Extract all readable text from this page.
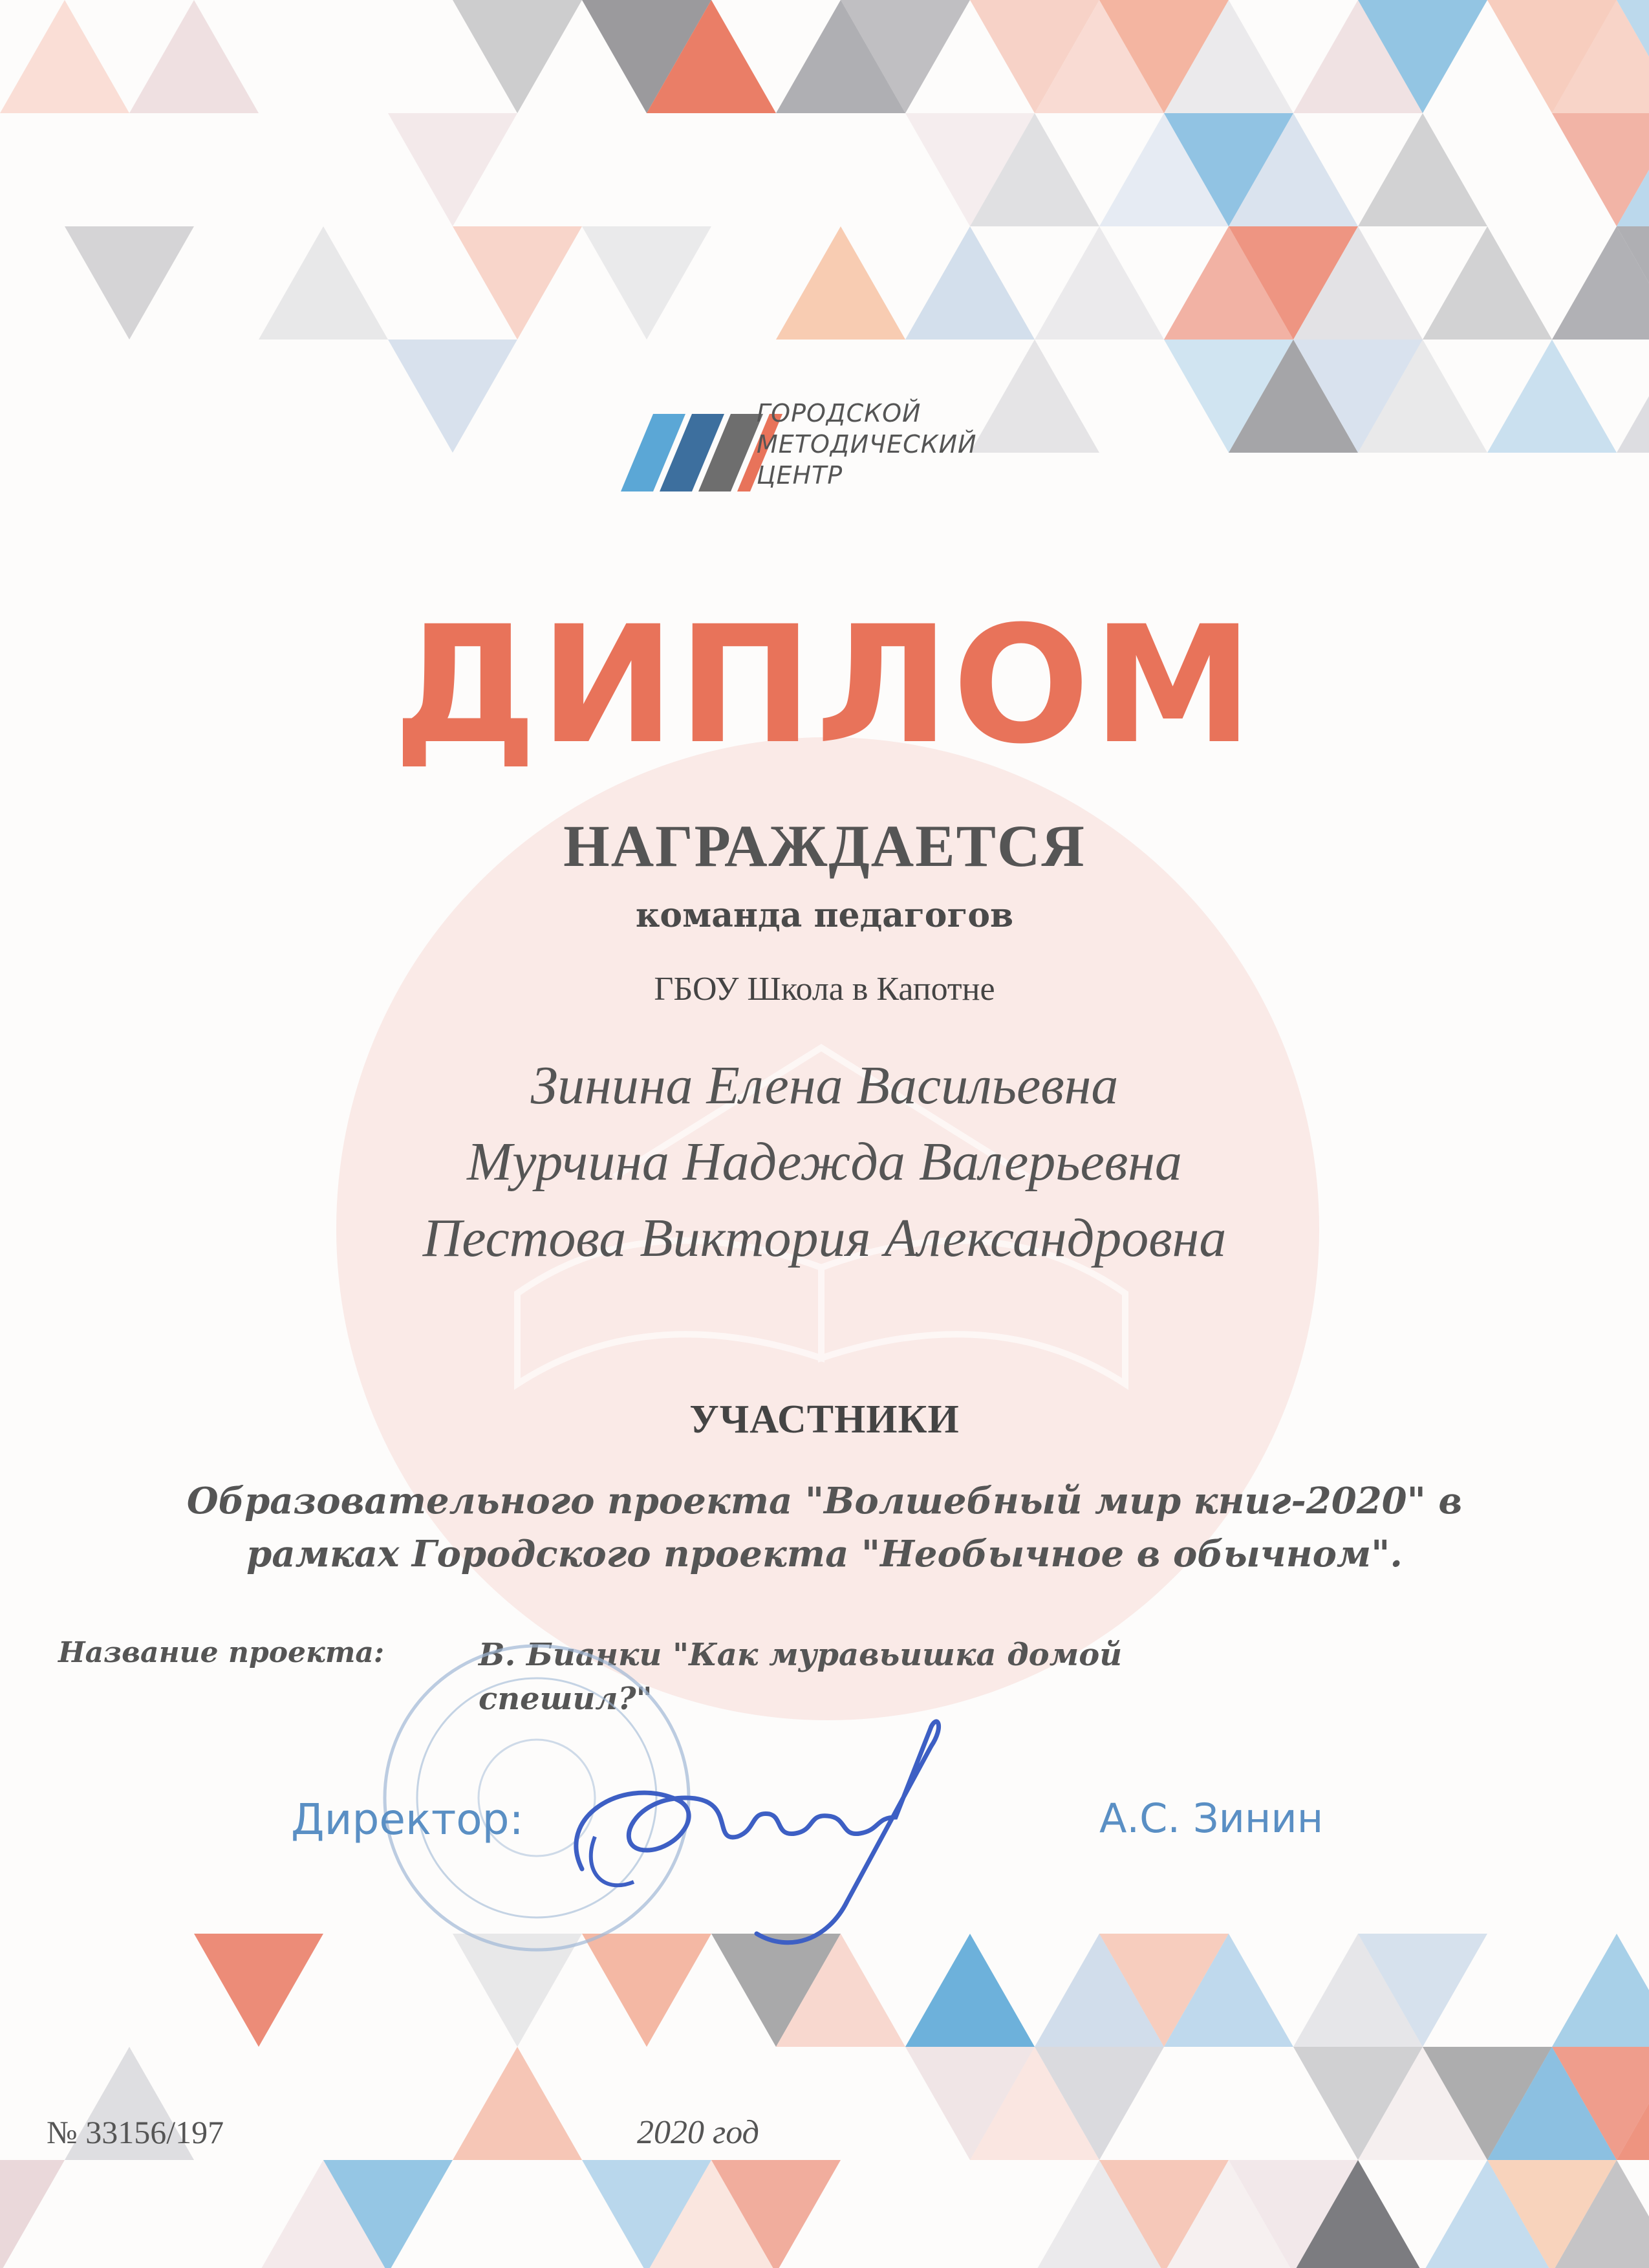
ГОРОДСКОЙ
МЕТОДИЧЕСКИЙ
ЦЕНТР
ДИПЛОМ
НАГРАЖДАЕТСЯ
команда педагогов
ГБОУ Школа в Капотне
Зинина Елена Васильевна
Мурчина Надежда Валерьевна
Пестова Виктория Александровна
УЧАСТНИКИ
Образовательного проекта "Волшебный мир книг-2020" в
рамках Городского проекта "Необычное в обычном".
Название проекта:	В. Бианки "Как муравьишка домой
спешил?"
Директор:	А.С. Зинин
№ 33156/197	2020 год
